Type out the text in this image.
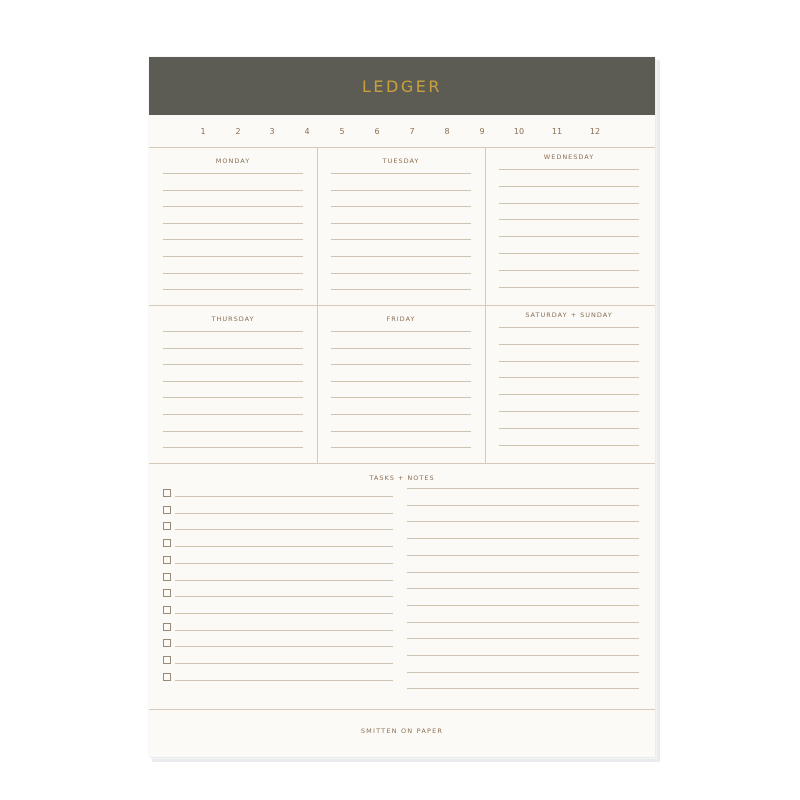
LEDGER
1	2	3	4	5	6	7	8	9	10	11	12
MONDAY	TUESDAY	WEDNESDAY
THURSDAY	FRIDAY	SATURDAY + SUNDAY
TASKS + NOTES
SMITTEN ON PAPER
